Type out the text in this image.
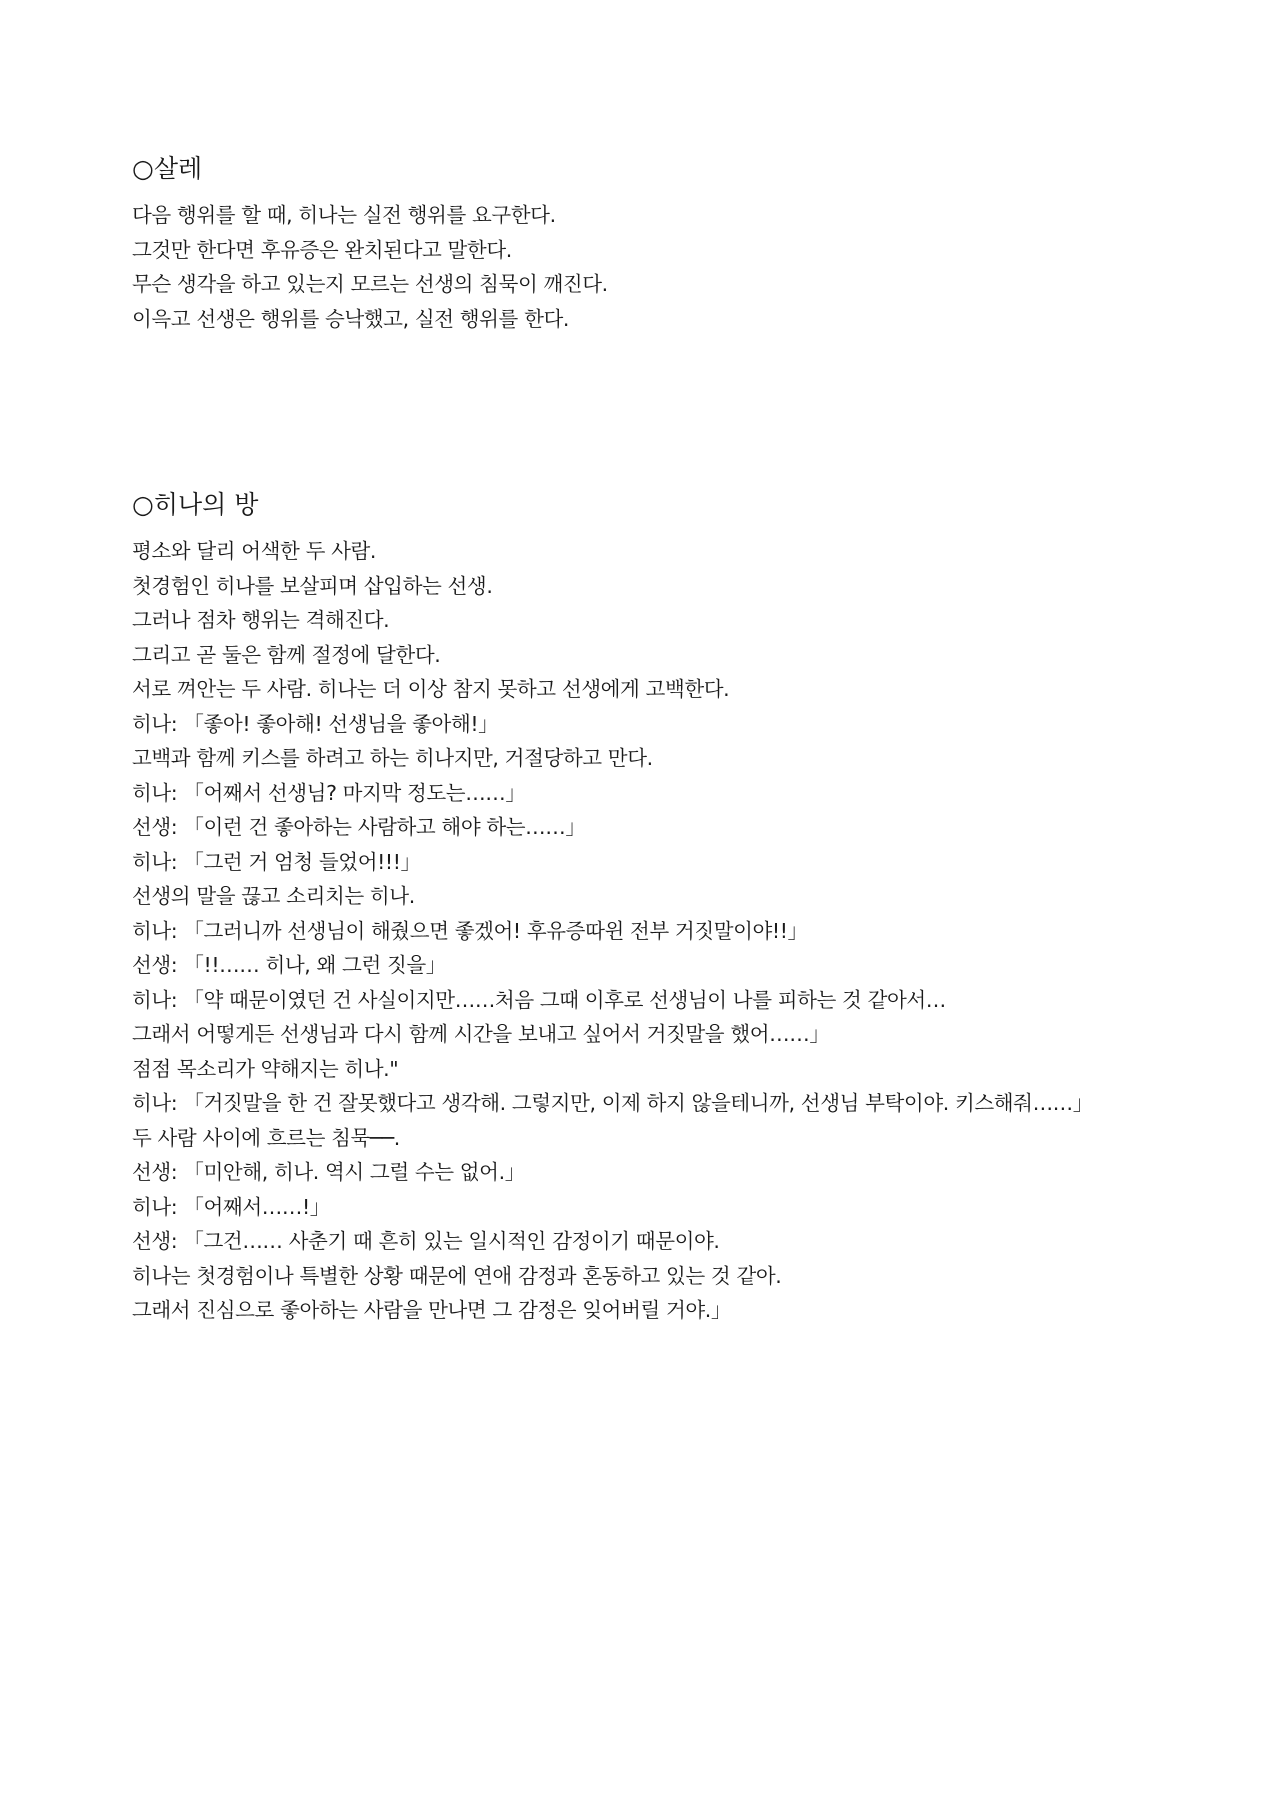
○살레
다음 행위를 할 때, 히나는 실전 행위를 요구한다.
그것만 한다면 후유증은 완치된다고 말한다.
무슨 생각을 하고 있는지 모르는 선생의 침묵이 깨진다.
이윽고 선생은 행위를 승낙했고, 실전 행위를 한다.
○히나의 방
평소와 달리 어색한 두 사람.
첫경험인 히나를 보살피며 삽입하는 선생.
그러나 점차 행위는 격해진다.
그리고 곧 둘은 함께 절정에 달한다.
서로 껴안는 두 사람. 히나는 더 이상 참지 못하고 선생에게 고백한다.
히나: 「좋아! 좋아해! 선생님을 좋아해!」
고백과 함께 키스를 하려고 하는 히나지만, 거절당하고 만다.
히나: 「어째서 선생님? 마지막 정도는……」
선생: 「이런 건 좋아하는 사람하고 해야 하는……」
히나: 「그런 거 엄청 들었어!!!」
선생의 말을 끊고 소리치는 히나.
히나: 「그러니까 선생님이 해줬으면 좋겠어! 후유증따윈 전부 거짓말이야!!」
선생: 「!!…… 히나, 왜 그런 짓을」
히나: 「약 때문이였던 건 사실이지만……처음 그때 이후로 선생님이 나를 피하는 것 같아서…
그래서 어떻게든 선생님과 다시 함께 시간을 보내고 싶어서 거짓말을 했어……」
점점 목소리가 약해지는 히나."
히나: 「거짓말을 한 건 잘못했다고 생각해. 그렇지만, 이제 하지 않을테니까, 선생님 부탁이야. 키스해줘……」
두 사람 사이에 흐르는 침묵──.
선생: 「미안해, 히나. 역시 그럴 수는 없어.」
히나: 「어째서……!」
선생: 「그건…… 사춘기 때 흔히 있는 일시적인 감정이기 때문이야.
히나는 첫경험이나 특별한 상황 때문에 연애 감정과 혼동하고 있는 것 같아.
그래서 진심으로 좋아하는 사람을 만나면 그 감정은 잊어버릴 거야.」
